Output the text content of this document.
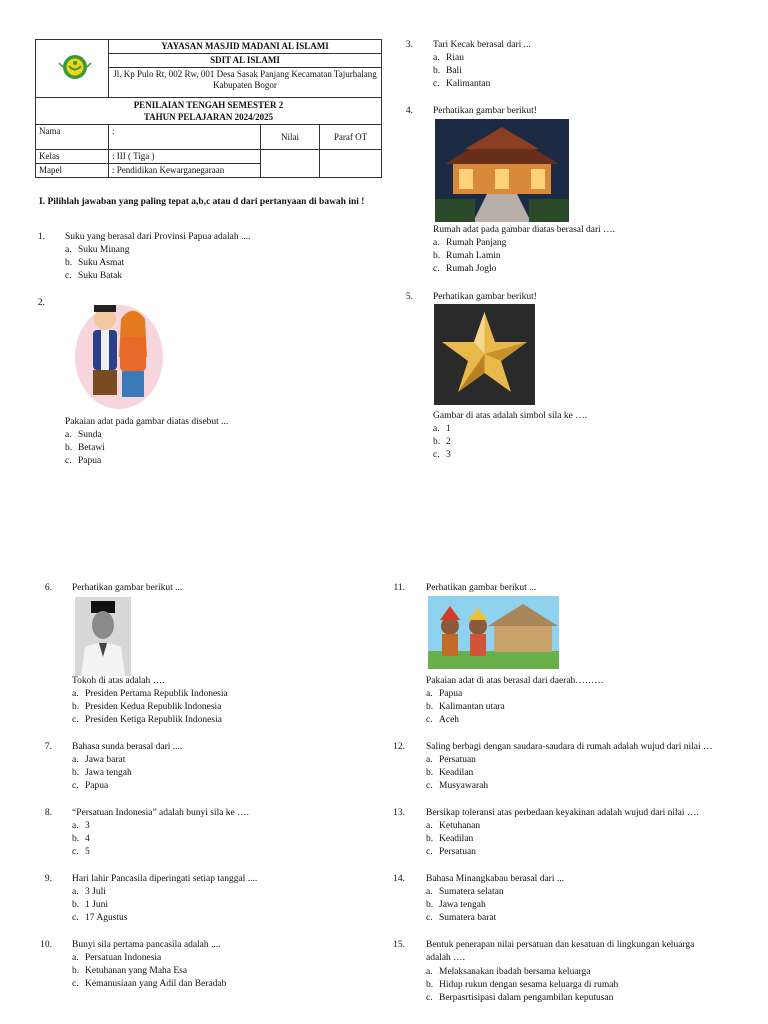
	YAYASAN MASJID MADANI AL ISLAMI		
	SDIT AL ISLAMI		
	Jl. Kp Pulo Rt, 002 Rw, 001 Desa Sasak Panjang Kecamatan Tajurhalang Kabupaten Bogor		

PENILAIAN TENGAH SEMESTER 2
TAHUN PELAJARAN 2024/2025			
Nama	:	Nilai	Paraf OT
Kelas	: III ( Tiga )		
Mapel	: Pendidikan Kewarganegaraan		
I. Pilihlah jawaban yang paling tepat a,b,c atau d dari pertanyaan di bawah ini !
1. Suku yang berasal dari Provinsi Papua adalah ....
a. Suku Minang
b. Suku Asmat
c. Suku Batak
2.
Pakaian adat pada gambar diatas disebut ...
a. Sunda
b. Betawi
c. Papua
3. Tari Kecak berasal dari ...
a. Riau
b. Bali
c. Kalimantan
4. Perhatikan gambar berikut!
Rumah adat pada gambar diatas berasal dari ….
a. Rumah Panjang
b. Rumah Lamin
c. Rumah Joglo
5. Perhatikan gambar berikut!
Gambar di atas adalah simbol sila ke ….
a. 1
b. 2
c. 3
6. Perhatikan gambar berikut ...
Tokoh di atas adalah ….
a. Presiden Pertama Republik Indonesia
b. Presiden Kedua Republik Indonesia
c. Presiden Ketiga Republik Indonesia
7. Bahasa sunda berasal dari ....
a. Jawa barat
b. Jawa tengah
c. Papua
8. “Persatuan Indonesia” adalah bunyi sila ke ….
a. 3
b. 4
c. 5
9. Hari lahir Pancasila diperingati setiap tanggal ....
a. 3 Juli
b. 1 Juni
c. 17 Agustus
10. Bunyi sila pertama pancasila adalah ....
a. Persatuan Indonesia
b. Ketuhanan yang Maha Esa
c. Kemanusiaan yang Adil dan Beradab
11. Perhatikan gambar berikut ...
Pakaian adat di atas berasal dari daerah………
a. Papua
b. Kalimantan utara
c. Aceh
12. Saling berbagi dengan saudara-saudara di rumah adalah wujud dari nilai …
a. Persatuan
b. Keadilan
c. Musyawarah
13. Bersikap toleransi atas perbedaan keyakinan adalah wujud dari nilai ….
a. Ketuhanan
b. Keadilan
c. Persatuan
14. Bahasa Minangkabau berasal dari ...
a. Sumatera selatan
b. Jawa tengah
c. Sumatera barat
15. Bentuk penerapan nilai persatuan dan kesatuan di lingkungan keluarga
adalah ….
a. Melaksanakan ibadah bersama keluarga
b. Hidup rukun dengan sesama keluarga di rumah
c. Berpasrtisipasi dalam pengambilan keputusan
